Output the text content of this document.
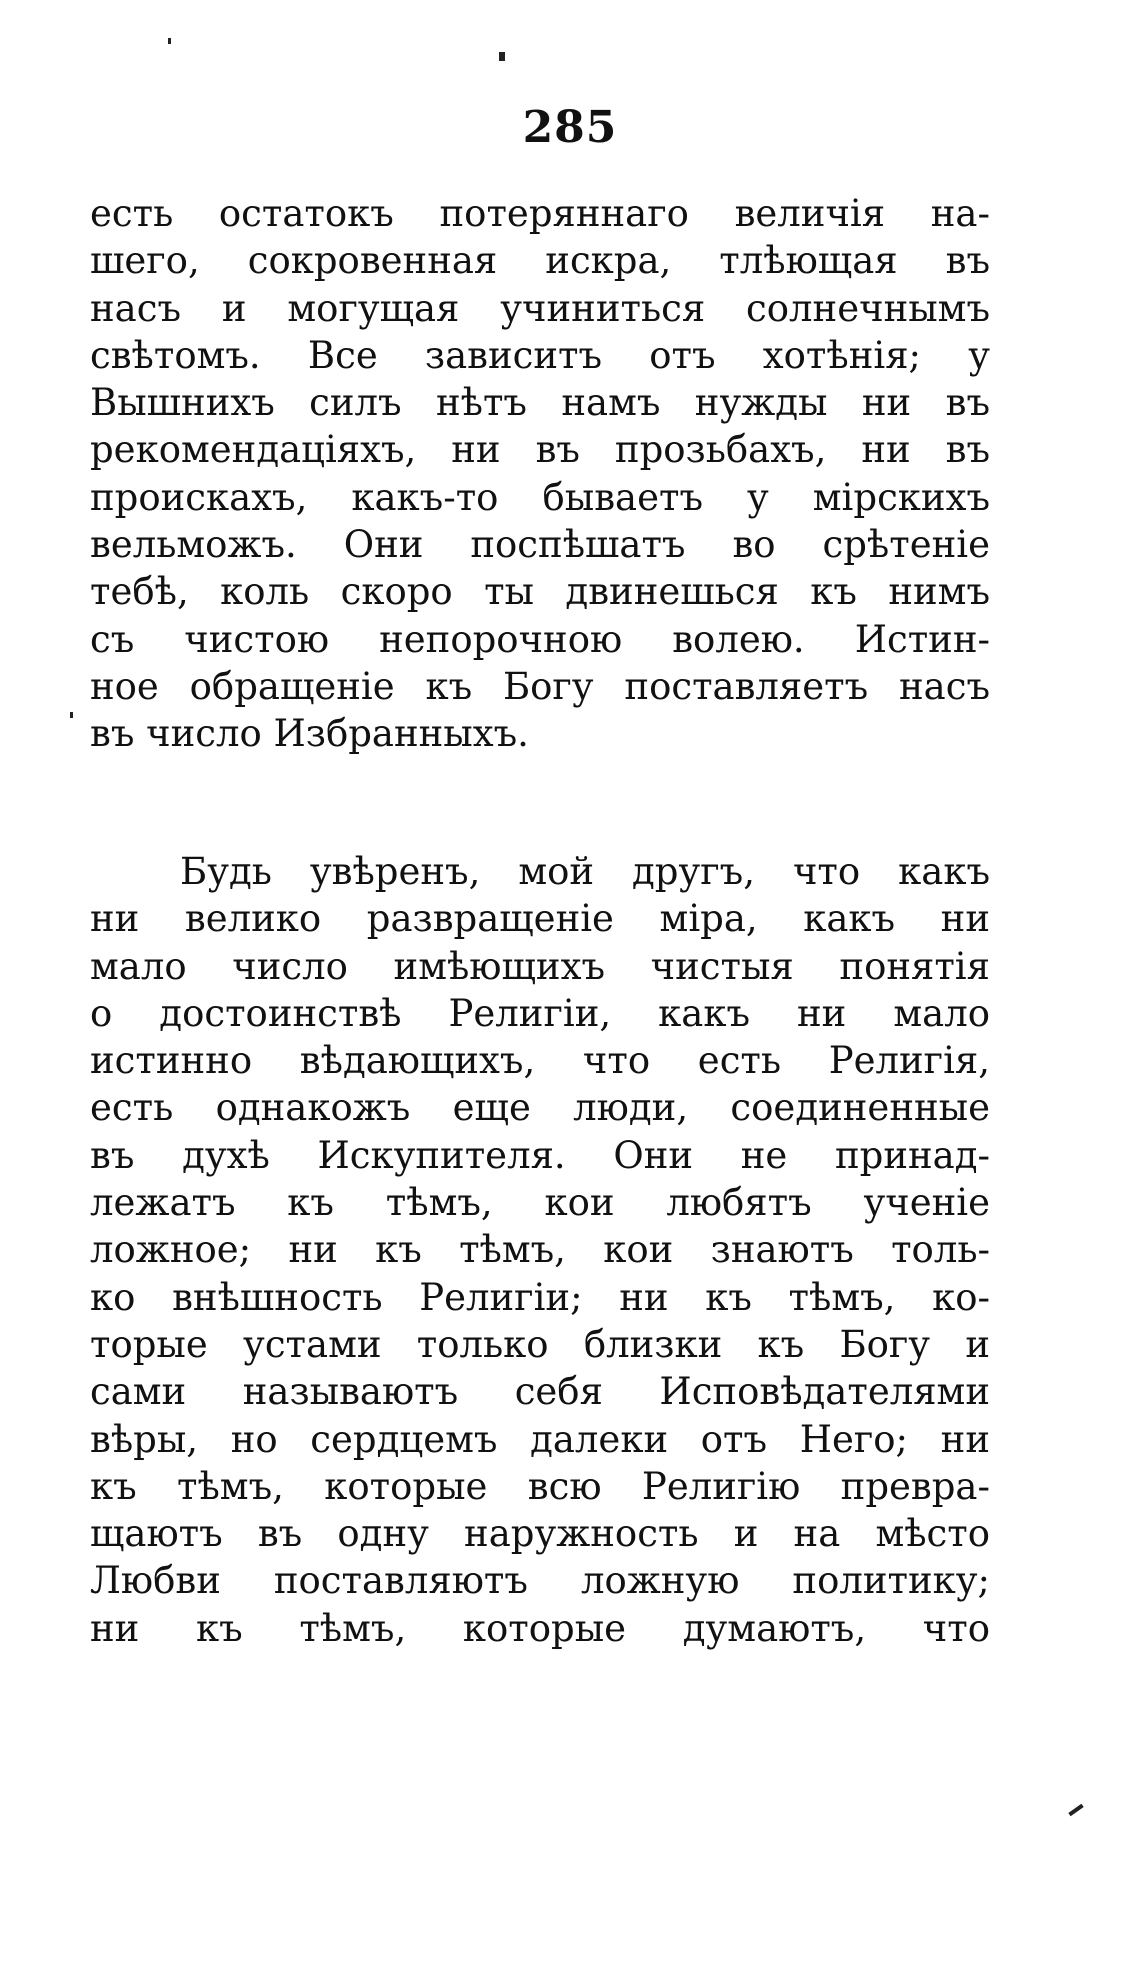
285
есть остатокъ потеряннаго величія на-
шего, сокровенная искра, тлѣющая въ
насъ и могущая учиниться солнечнымъ
свѣтомъ. Все зависитъ отъ хотѣнія; у
Вышнихъ силъ нѣтъ намъ нужды ни въ
рекомендаціяхъ, ни въ прозьбахъ, ни въ
проискахъ, какъ-то бываетъ у мірскихъ
вельможъ. Они поспѣшатъ во срѣтеніе
тебѣ, коль скоро ты двинешься къ нимъ
съ чистою непорочною волею. Истин-
ное обращеніе къ Богу поставляетъ насъ
въ число Избранныхъ.
Будь увѣренъ, мой другъ, что какъ
ни велико развращеніе міра, какъ ни
мало число имѣющихъ чистыя понятія
о достоинствѣ Религіи, какъ ни мало
истинно вѣдающихъ, что есть Религія,
есть однакожъ еще люди, соединенные
въ духѣ Искупителя. Они не принад-
лежатъ къ тѣмъ, кои любятъ ученіе
ложное; ни къ тѣмъ, кои знаютъ толь-
ко внѣшность Религіи; ни къ тѣмъ, ко-
торые устами только близки къ Богу и
сами называютъ себя Исповѣдателями
вѣры, но сердцемъ далеки отъ Него; ни
къ тѣмъ, которые всю Религію превра-
щаютъ въ одну наружность и на мѣсто
Любви поставляютъ ложную политику;
ни къ тѣмъ, которые думаютъ, что
